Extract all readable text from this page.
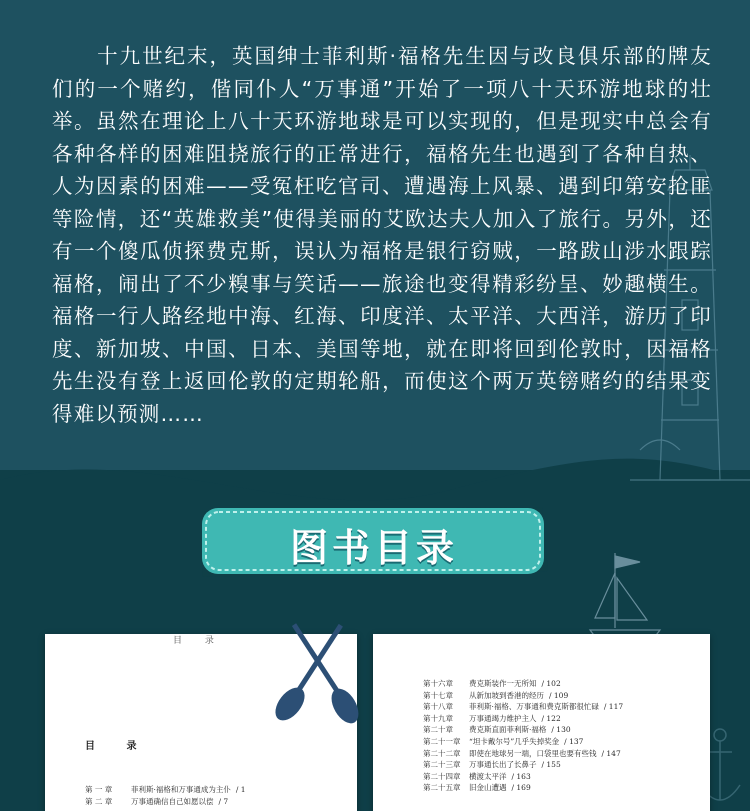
十九世纪末，英国绅士菲利斯·福格先生因与改良俱乐部的牌友们的一个赌约，偕同仆人“万事通”开始了一项八十天环游地球的壮举。虽然在理论上八十天环游地球是可以实现的，但是现实中总会有各种各样的困难阻挠旅行的正常进行，福格先生也遇到了各种自热、人为因素的困难——受冤枉吃官司、遭遇海上风暴、遇到印第安抢匪等险情，还“英雄救美”使得美丽的艾欧达夫人加入了旅行。另外，还有一个傻瓜侦探费克斯，误认为福格是银行窃贼，一路跋山涉水跟踪福格，闹出了不少糗事与笑话——旅途也变得精彩纷呈、妙趣横生。福格一行人路经地中海、红海、印度洋、太平洋、大西洋，游历了印度、新加坡、中国、日本、美国等地，就在即将回到伦敦时，因福格先生没有登上返回伦敦的定期轮船，而使这个两万英镑赌约的结果变得难以预测……
图书目录
目 录
目 录
第 一 章	菲利斯·福格和万事通成为主仆 / 1
第 二 章	万事通确信自己如愿以偿 / 7
第十六章	费克斯装作一无所知 / 102
第十七章	从新加坡到香港的经历 / 109
第十八章	菲利斯·福格、万事通和费克斯都很忙碌 / 117
第十九章	万事通竭力维护主人 / 122
第二十章	费克斯直面菲利斯·福格 / 130
第二十一章	“坦卡戴尔号”几乎失掉奖金 / 137
第二十二章	即使在地球另一端，口袋里也要有些钱 / 147
第二十三章	万事通长出了长鼻子 / 155
第二十四章	横渡太平洋 / 163
第二十五章	旧金山遭遇 / 169
